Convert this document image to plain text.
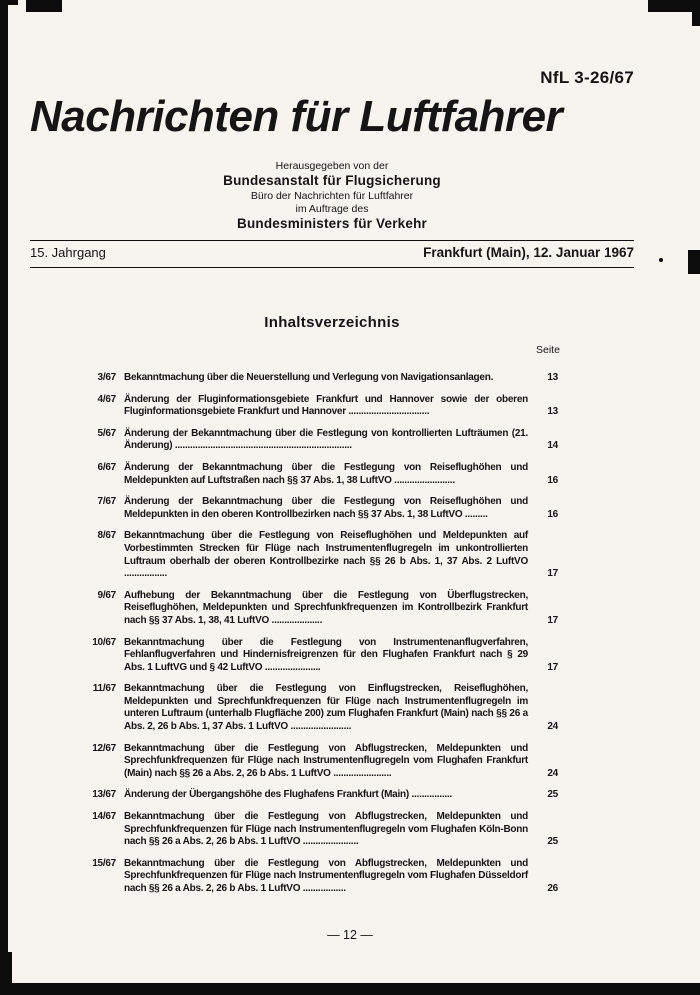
NfL 3-26/67
Nachrichten für Luftfahrer
Herausgegeben von der
Bundesanstalt für Flugsicherung
Büro der Nachrichten für Luftfahrer
im Auftrage des
Bundesministers für Verkehr
15. Jahrgang	Frankfurt (Main), 12. Januar 1967
Inhaltsverzeichnis
Seite
3/67 Bekanntmachung über die Neuerstellung und Verlegung von Navigationsanlagen.	13
4/67 Änderung der Fluginformationsgebiete Frankfurt und Hannover sowie der oberen Fluginformationsgebiete Frankfurt und Hannover ................................	13
5/67 Änderung der Bekanntmachung über die Festlegung von kontrollierten Lufträumen (21. Änderung) ......................................................................	14
6/67 Änderung der Bekanntmachung über die Festlegung von Reiseflughöhen und Meldepunkten auf Luftstraßen nach §§ 37 Abs. 1, 38 LuftVO ........................	16
7/67 Änderung der Bekanntmachung über die Festlegung von Reiseflughöhen und Meldepunkten in den oberen Kontrollbezirken nach §§ 37 Abs. 1, 38 LuftVO .........	16
8/67 Bekanntmachung über die Festlegung von Reiseflughöhen und Meldepunkten auf Vorbestimmten Strecken für Flüge nach Instrumentenflugregeln im unkontrollierten Luftraum oberhalb der oberen Kontrollbezirke nach §§ 26 b Abs. 1, 37 Abs. 2 LuftVO .................	17
9/67 Aufhebung der Bekanntmachung über die Festlegung von Überflugstrecken, Reiseflughöhen, Meldepunkten und Sprechfunkfrequenzen im Kontrollbezirk Frankfurt nach §§ 37 Abs. 1, 38, 41 LuftVO ....................	17
10/67 Bekanntmachung über die Festlegung von Instrumentenanflugverfahren, Fehlanflugverfahren und Hindernisfreigrenzen für den Flughafen Frankfurt nach § 29 Abs. 1 LuftVG und § 42 LuftVO ......................	17
11/67 Bekanntmachung über die Festlegung von Einflugstrecken, Reiseflughöhen, Meldepunkten und Sprechfunkfrequenzen für Flüge nach Instrumentenflugregeln im unteren Luftraum (unterhalb Flugfläche 200) zum Flughafen Frankfurt (Main) nach §§ 26 a Abs. 2, 26 b Abs. 1, 37 Abs. 1 LuftVO ........................	24
12/67 Bekanntmachung über die Festlegung von Abflugstrecken, Meldepunkten und Sprechfunkfrequenzen für Flüge nach Instrumentenflugregeln vom Flughafen Frankfurt (Main) nach §§ 26 a Abs. 2, 26 b Abs. 1 LuftVO .......................	24
13/67 Änderung der Übergangshöhe des Flughafens Frankfurt (Main) ................	25
14/67 Bekanntmachung über die Festlegung von Abflugstrecken, Meldepunkten und Sprechfunkfrequenzen für Flüge nach Instrumentenflugregeln vom Flughafen Köln-Bonn nach §§ 26 a Abs. 2, 26 b Abs. 1 LuftVO ......................	25
15/67 Bekanntmachung über die Festlegung von Abflugstrecken, Meldepunkten und Sprechfunkfrequenzen für Flüge nach Instrumentenflugregeln vom Flughafen Düsseldorf nach §§ 26 a Abs. 2, 26 b Abs. 1 LuftVO .................	26
— 12 —
